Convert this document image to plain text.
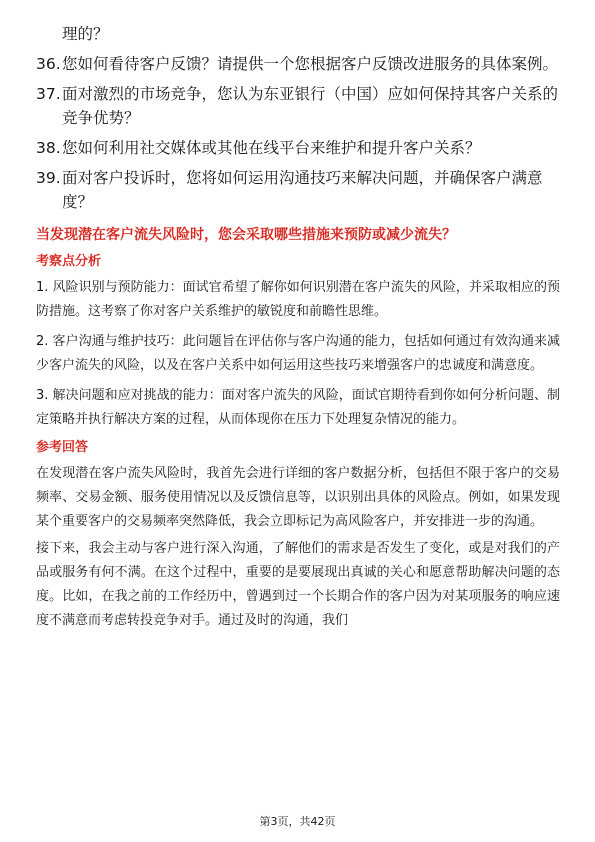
理的？
36. 您如何看待客户反馈？请提供一个您根据客户反馈改进服务的具体案例。
37. 面对激烈的市场竞争，您认为东亚银行（中国）应如何保持其客户关系的竞争优势？
38. 您如何利用社交媒体或其他在线平台来维护和提升客户关系？
39. 面对客户投诉时，您将如何运用沟通技巧来解决问题，并确保客户满意度？
当发现潜在客户流失风险时，您会采取哪些措施来预防或减少流失？
考察点分析
1. 风险识别与预防能力：面试官希望了解你如何识别潜在客户流失的风险，并采取相应的预防措施。这考察了你对客户关系维护的敏锐度和前瞻性思维。
2. 客户沟通与维护技巧：此问题旨在评估你与客户沟通的能力，包括如何通过有效沟通来减少客户流失的风险，以及在客户关系中如何运用这些技巧来增强客户的忠诚度和满意度。
3. 解决问题和应对挑战的能力：面对客户流失的风险，面试官期待看到你如何分析问题、制定策略并执行解决方案的过程，从而体现你在压力下处理复杂情况的能力。
参考回答
在发现潜在客户流失风险时，我首先会进行详细的客户数据分析，包括但不限于客户的交易频率、交易金额、服务使用情况以及反馈信息等，以识别出具体的风险点。例如，如果发现某个重要客户的交易频率突然降低，我会立即标记为高风险客户，并安排进一步的沟通。
接下来，我会主动与客户进行深入沟通，了解他们的需求是否发生了变化，或是对我们的产品或服务有何不满。在这个过程中，重要的是要展现出真诚的关心和愿意帮助解决问题的态度。比如，在我之前的工作经历中，曾遇到过一个长期合作的客户因为对某项服务的响应速度不满意而考虑转投竞争对手。通过及时的沟通，我们
第3页，共42页
